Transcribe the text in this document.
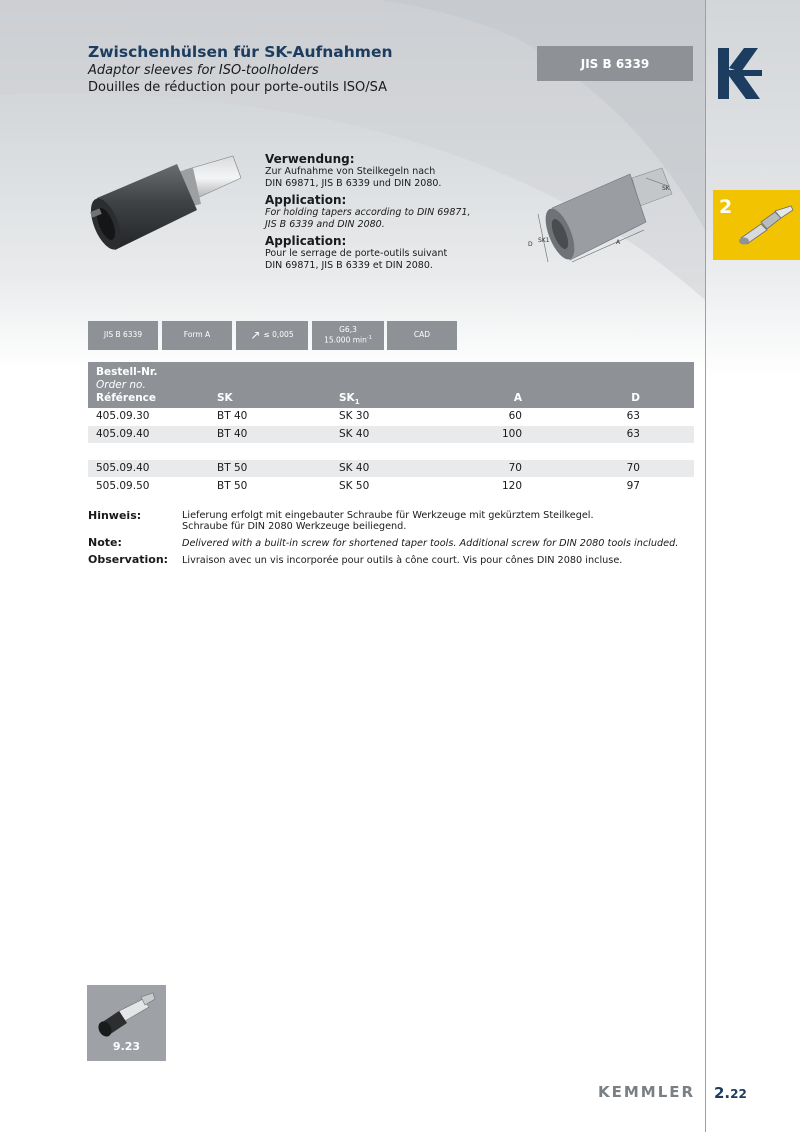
Zwischenhülsen für SK-Aufnahmen
Adaptor sleeves for ISO-toolholders
Douilles de réduction pour porte-outils ISO/SA
JIS B 6339
2
Verwendung:
Zur Aufnahme von Steilkegeln nach
DIN 69871, JIS B 6339 und DIN 2080.
Application:
For holding tapers according to DIN 69871,
JIS B 6339 and DIN 2080.
Application:
Pour le serrage de porte-outils suivant
DIN 69871, JIS B 6339 et DIN 2080.
SK
SK1	A
D
JIS B 6339	Form A	↗ ≤ 0,005
G6,3
15.000 $\min^{-1}$	CAD
Bestell-Nr.
Order no.
Référence	SK	$SK_1$	A	D
405.09.30	BT 40	SK 30	60	63
405.09.40	BT 40	SK 40	100	63
505.09.40	BT 50	SK 40	70	70
505.09.50	BT 50	SK 50	120	97
Hinweis:	Lieferung erfolgt mit eingebauter Schraube für Werkzeuge mit gekürztem Steilkegel.
Schraube für DIN 2080 Werkzeuge beiliegend.
Note:	Delivered with a built-in screw for shortened taper tools. Additional screw for DIN 2080 tools included.
Observation: Livraison avec un vis incorporée pour outils à cône court. Vis pour cônes DIN 2080 incluse.
9.23
KEMMLER 2.22
